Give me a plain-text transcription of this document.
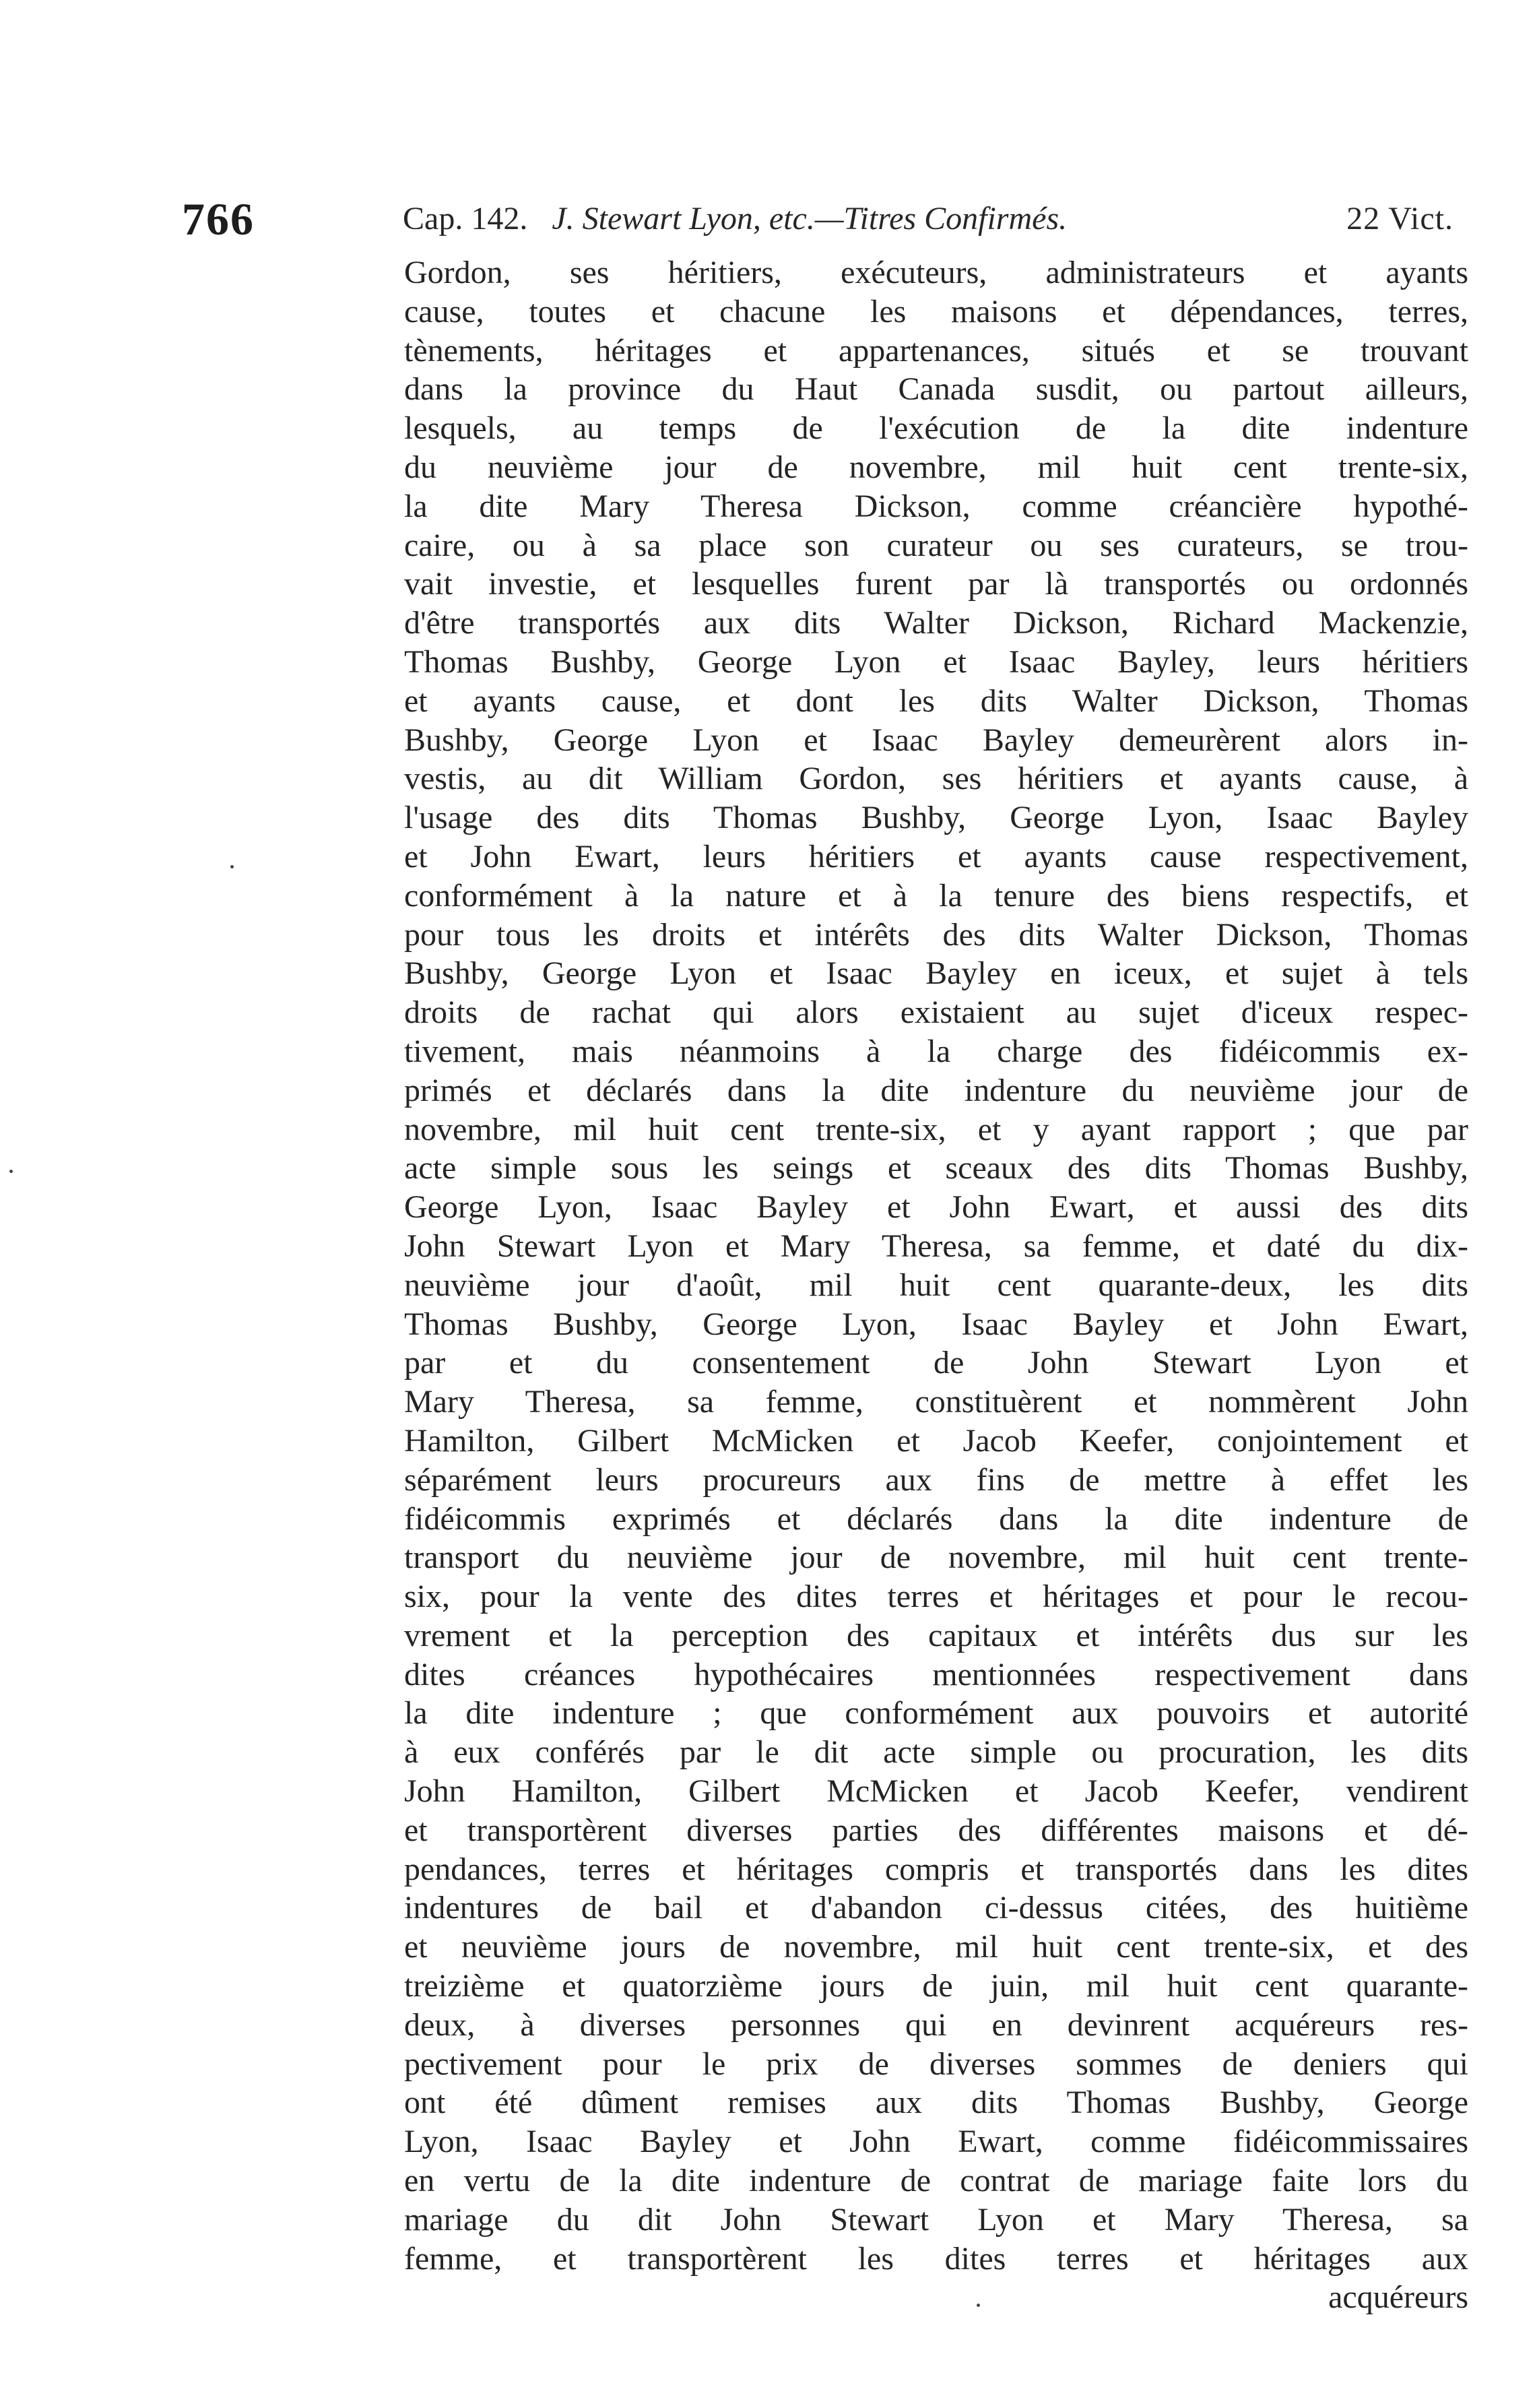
766	Cap. 142. J. Stewart Lyon, etc.—Titres Confirmés.	22 Vict.
Gordon, ses héritiers, exécuteurs, administrateurs et ayants
cause, toutes et chacune les maisons et dépendances, terres,
tènements, héritages et appartenances, situés et se trouvant
dans la province du Haut Canada susdit, ou partout ailleurs,
lesquels, au temps de l'exécution de la dite indenture
du neuvième jour de novembre, mil huit cent trente-six,
la dite Mary Theresa Dickson, comme créancière hypothé-
caire, ou à sa place son curateur ou ses curateurs, se trou-
vait investie, et lesquelles furent par là transportés ou ordonnés
d'être transportés aux dits Walter Dickson, Richard Mackenzie,
Thomas Bushby, George Lyon et Isaac Bayley, leurs héritiers
et ayants cause, et dont les dits Walter Dickson, Thomas
Bushby, George Lyon et Isaac Bayley demeurèrent alors in-
vestis, au dit William Gordon, ses héritiers et ayants cause, à
l'usage des dits Thomas Bushby, George Lyon, Isaac Bayley
et John Ewart, leurs héritiers et ayants cause respectivement,
conformément à la nature et à la tenure des biens respectifs, et
pour tous les droits et intérêts des dits Walter Dickson, Thomas
Bushby, George Lyon et Isaac Bayley en iceux, et sujet à tels
droits de rachat qui alors existaient au sujet d'iceux respec-
tivement, mais néanmoins à la charge des fidéicommis ex-
primés et déclarés dans la dite indenture du neuvième jour de
novembre, mil huit cent trente-six, et y ayant rapport ; que par
acte simple sous les seings et sceaux des dits Thomas Bushby,
George Lyon, Isaac Bayley et John Ewart, et aussi des dits
John Stewart Lyon et Mary Theresa, sa femme, et daté du dix-
neuvième jour d'août, mil huit cent quarante-deux, les dits
Thomas Bushby, George Lyon, Isaac Bayley et John Ewart,
par et du consentement de John Stewart Lyon et
Mary Theresa, sa femme, constituèrent et nommèrent John
Hamilton, Gilbert McMicken et Jacob Keefer, conjointement et
séparément leurs procureurs aux fins de mettre à effet les
fidéicommis exprimés et déclarés dans la dite indenture de
transport du neuvième jour de novembre, mil huit cent trente-
six, pour la vente des dites terres et héritages et pour le recou-
vrement et la perception des capitaux et intérêts dus sur les
dites créances hypothécaires mentionnées respectivement dans
la dite indenture ; que conformément aux pouvoirs et autorité
à eux conférés par le dit acte simple ou procuration, les dits
John Hamilton, Gilbert McMicken et Jacob Keefer, vendirent
et transportèrent diverses parties des différentes maisons et dé-
pendances, terres et héritages compris et transportés dans les dites
indentures de bail et d'abandon ci-dessus citées, des huitième
et neuvième jours de novembre, mil huit cent trente-six, et des
treizième et quatorzième jours de juin, mil huit cent quarante-
deux, à diverses personnes qui en devinrent acquéreurs res-
pectivement pour le prix de diverses sommes de deniers qui
ont été dûment remises aux dits Thomas Bushby, George
Lyon, Isaac Bayley et John Ewart, comme fidéicommissaires
en vertu de la dite indenture de contrat de mariage faite lors du
mariage du dit John Stewart Lyon et Mary Theresa, sa
femme, et transportèrent les dites terres et héritages aux
acquéreurs
